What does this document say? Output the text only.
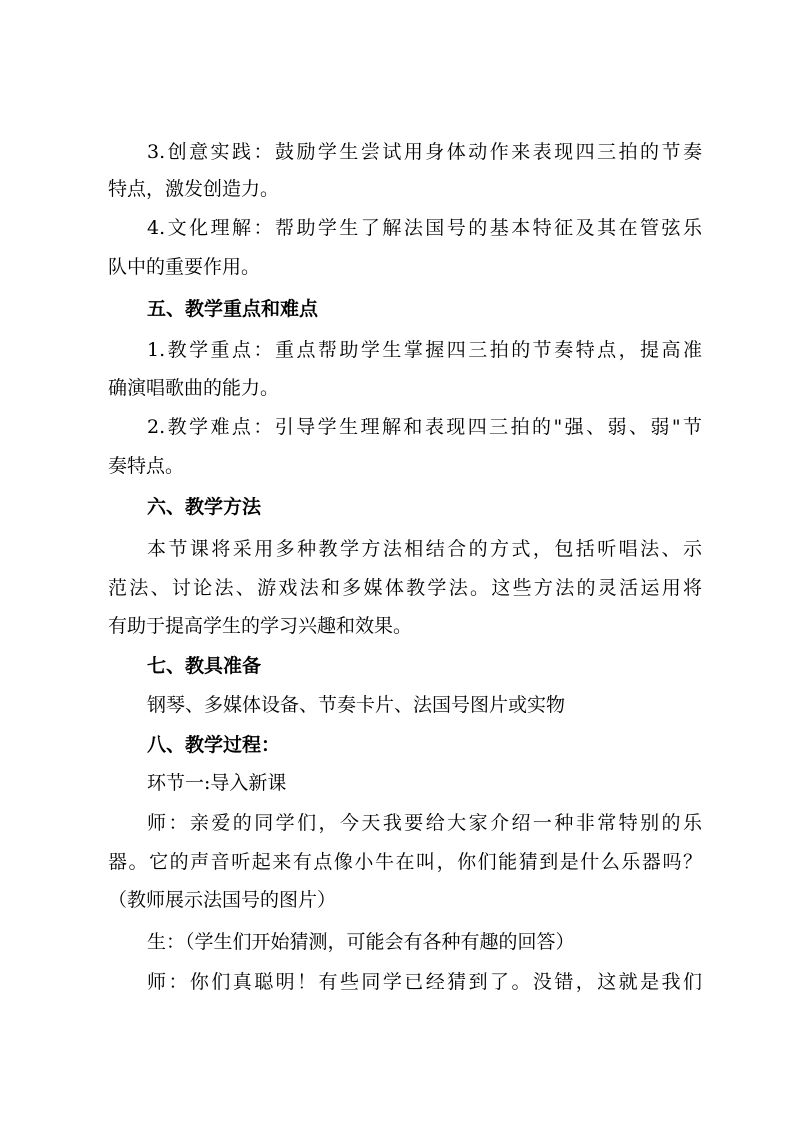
3.创意实践：鼓励学生尝试用身体动作来表现四三拍的节奏
特点，激发创造力。
4.文化理解：帮助学生了解法国号的基本特征及其在管弦乐
队中的重要作用。
五、教学重点和难点
1.教学重点：重点帮助学生掌握四三拍的节奏特点，提高准
确演唱歌曲的能力。
2.教学难点：引导学生理解和表现四三拍的"强、弱、弱"节
奏特点。
六、教学方法
本节课将采用多种教学方法相结合的方式，包括听唱法、示
范法、讨论法、游戏法和多媒体教学法。这些方法的灵活运用将
有助于提高学生的学习兴趣和效果。
七、教具准备
钢琴、多媒体设备、节奏卡片、法国号图片或实物
八、教学过程：
环节一:导入新课
师：亲爱的同学们，今天我要给大家介绍一种非常特别的乐
器。它的声音听起来有点像小牛在叫，你们能猜到是什么乐器吗？
（教师展示法国号的图片）
生：（学生们开始猜测，可能会有各种有趣的回答）
师：你们真聪明！有些同学已经猜到了。没错，这就是我们
